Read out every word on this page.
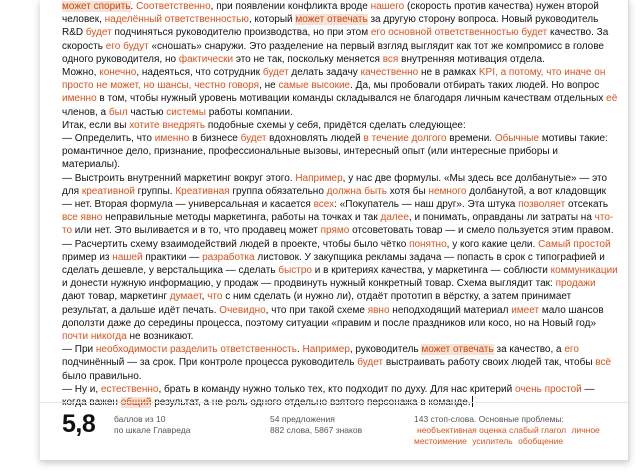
может спорить. Соответственно, при появлении конфликта вроде нашего (скорость против качества) нужен второй человек, наделённый ответственностью, который может отвечать за другую сторону вопроса. Новый руководитель R&D будет подчиняться руководителю производства, но при этом его основной ответственностью будет качество. За скорость его будут «сношать» снаружи. Это разделение на первый взгляд выглядит как тот же компромисс в голове одного руководителя, но фактически это не так, поскольку меняется вся внутренняя мотивация отдела.

Можно, конечно, надеяться, что сотрудник будет делать задачу качественно не в рамках KPI, а потому, что иначе он просто не может, но шансы, честно говоря, не самые высокие. Да, мы пробовали отбирать таких людей. Но вопрос именно в том, чтобы нужный уровень мотивации команды складывался не благодаря личным качествам отдельных её членов, а был частью системы работы компании.

Итак, если вы хотите внедрять подобные схемы у себя, придётся сделать следующее:

— Определить, что именно в бизнесе будет вдохновлять людей в течение долгого времени. Обычные мотивы такие: романтичное дело, признание, профессиональные вызовы, интересный опыт (или интересные приборы и материалы).

— Выстроить внутренний маркетинг вокруг этого. Например, у нас две формулы. «Мы здесь все долбанутые» — это для креативной группы. Креативная группа обязательно должна быть хотя бы немного долбанутой, а вот кладовщик — нет. Вторая формула — универсальная и касается всех: «Покупатель — наш друг». Эта штука позволяет отсекать все явно неправильные методы маркетинга, работы на точках и так далее, и понимать, оправданы ли затраты на что-то или нет. Это выливается и в то, что продавец может прямо отсоветовать товар — и смело пользуется этим правом.

— Расчертить схему взаимодействий людей в проекте, чтобы было чётко понятно, у кого какие цели. Самый простой пример из нашей практики — разработка листовок. У закупщика рекламы задача — попасть в срок с типографией и сделать дешевле, у верстальщика — сделать быстро и в критериях качества, у маркетинга — соблюсти коммуникации и донести нужную информацию, у продаж — продвинуть нужный конкретный товар. Схема выглядит так: продажи дают товар, маркетинг думает, что с ним сделать (и нужно ли), отдаёт прототип в вёрстку, а затем принимает результат, а дальше идёт печать. Очевидно, что при такой схеме явно неподходящий материал имеет мало шансов доползти даже до середины процесса, поэтому ситуации «правим и после праздников или косо, но на Новый год» почти никогда не возникают.

— При необходимости разделить ответственность. Например, руководитель может отвечать за качество, а его подчинённый — за срок. При контроле процесса руководитель будет выстраивать работу своих людей так, чтобы всё было правильно.

— Ну и, естественно, брать в команду нужно только тех, кто подходит по духу. Для нас критерий очень простой —

5,8 баллов из 10
по шкале Главреда
54 предложения
882 слова, 5867 знаков
143 стоп-слова. Основные проблемы: необъективная оценка слабый глагол личное местоимение усилитель обобщение
